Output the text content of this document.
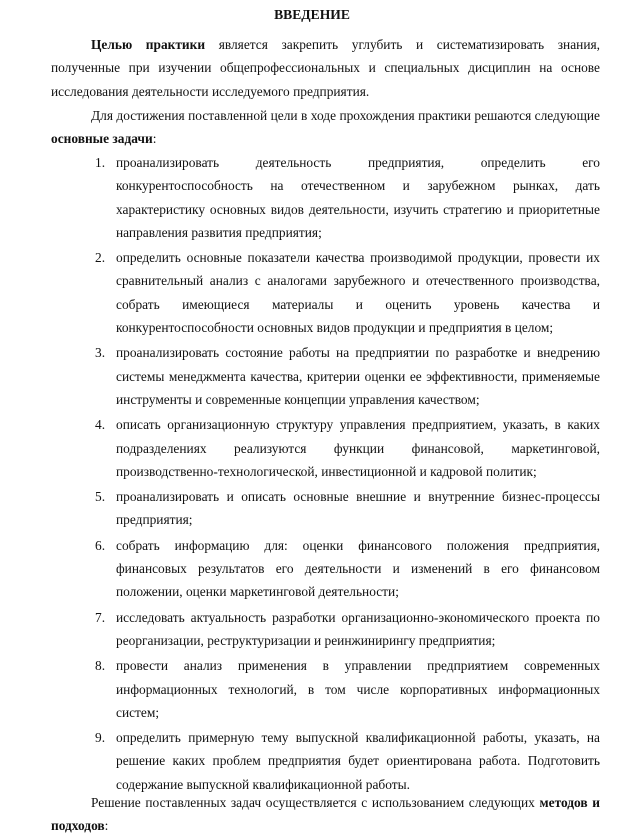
ВВЕДЕНИЕ

Целью практики является закрепить углубить и систематизировать знания, полученные при изучении общепрофессиональных и специальных дисциплин на основе исследования деятельности исследуемого предприятия.

Для достижения поставленной цели в ходе прохождения практики решаются следующие основные задачи:

1. проанализировать деятельность предприятия, определить его конкурентоспособность на отечественном и зарубежном рынках, дать характеристику основных видов деятельности, изучить стратегию и приоритетные направления развития предприятия;
2. определить основные показатели качества производимой продукции, провести их сравнительный анализ с аналогами зарубежного и отечественного производства, собрать имеющиеся материалы и оценить уровень качества и конкурентоспособности основных видов продукции и предприятия в целом;
3. проанализировать состояние работы на предприятии по разработке и внедрению системы менеджмента качества, критерии оценки ее эффективности, применяемые инструменты и современные концепции управления качеством;
4. описать организационную структуру управления предприятием, указать, в каких подразделениях реализуются функции финансовой, маркетинговой, производственно-технологической, инвестиционной и кадровой политик;
5. проанализировать и описать основные внешние и внутренние бизнес-процессы предприятия;
6. собрать информацию для: оценки финансового положения предприятия, финансовых результатов его деятельности и изменений в его финансовом положении, оценки маркетинговой деятельности;
7. исследовать актуальность разработки организационно-экономического проекта по реорганизации, реструктуризации и реинжинирингу предприятия;
8. провести анализ применения в управлении предприятием современных информационных технологий, в том числе корпоративных информационных систем;
9. определить примерную тему выпускной квалификационной работы, указать, на решение каких проблем предприятия будет ориентирована работа. Подготовить содержание выпускной квалификационной работы.

Решение поставленных задач осуществляется с использованием следующих методов и подходов:
